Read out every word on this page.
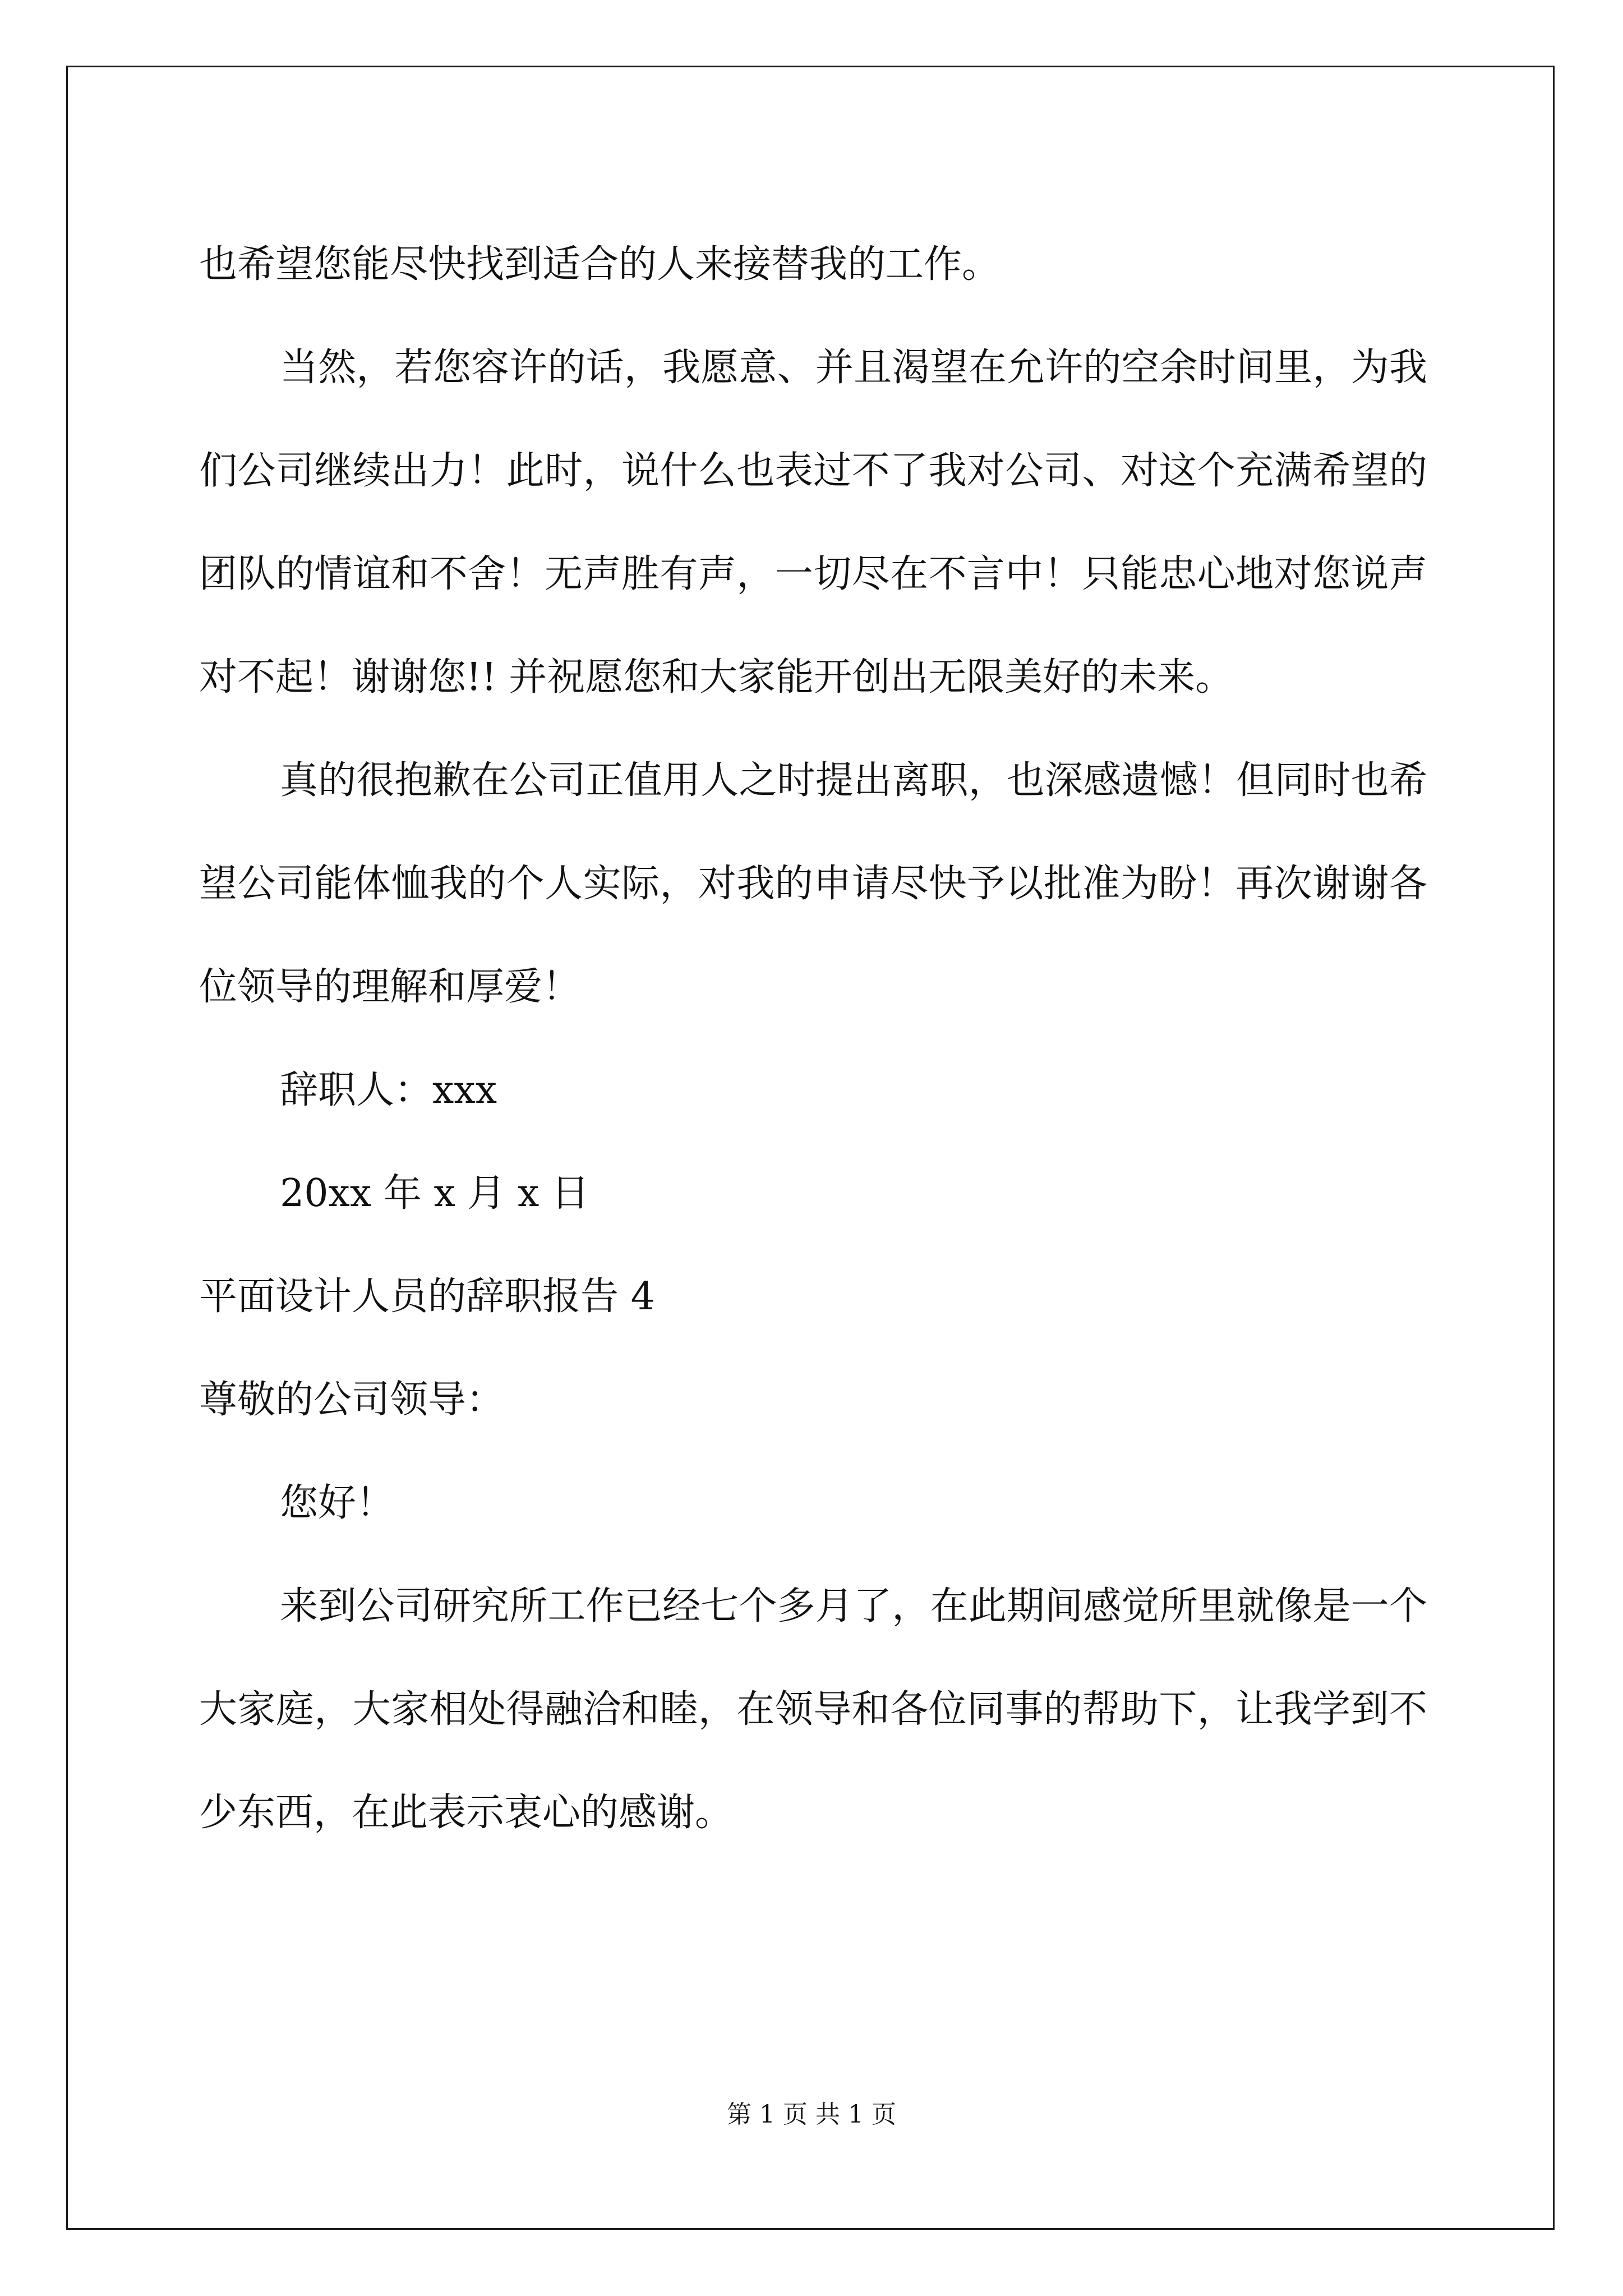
也希望您能尽快找到适合的人来接替我的工作。

当然，若您容许的话，我愿意、并且渴望在允许的空余时间里，为我们公司继续出力！此时，说什么也表过不了我对公司、对这个充满希望的团队的情谊和不舍！无声胜有声，一切尽在不言中！只能忠心地对您说声对不起！谢谢您!! 并祝愿您和大家能开创出无限美好的未来。

真的很抱歉在公司正值用人之时提出离职，也深感遗憾！但同时也希望公司能体恤我的个人实际，对我的申请尽快予以批准为盼！再次谢谢各位领导的理解和厚爱！

辞职人：xxx

20xx 年 x 月 x 日

平面设计人员的辞职报告 4

尊敬的公司领导：

您好！

来到公司研究所工作已经七个多月了，在此期间感觉所里就像是一个大家庭，大家相处得融洽和睦，在领导和各位同事的帮助下，让我学到不少东西，在此表示衷心的感谢。

第 1 页 共 1 页
